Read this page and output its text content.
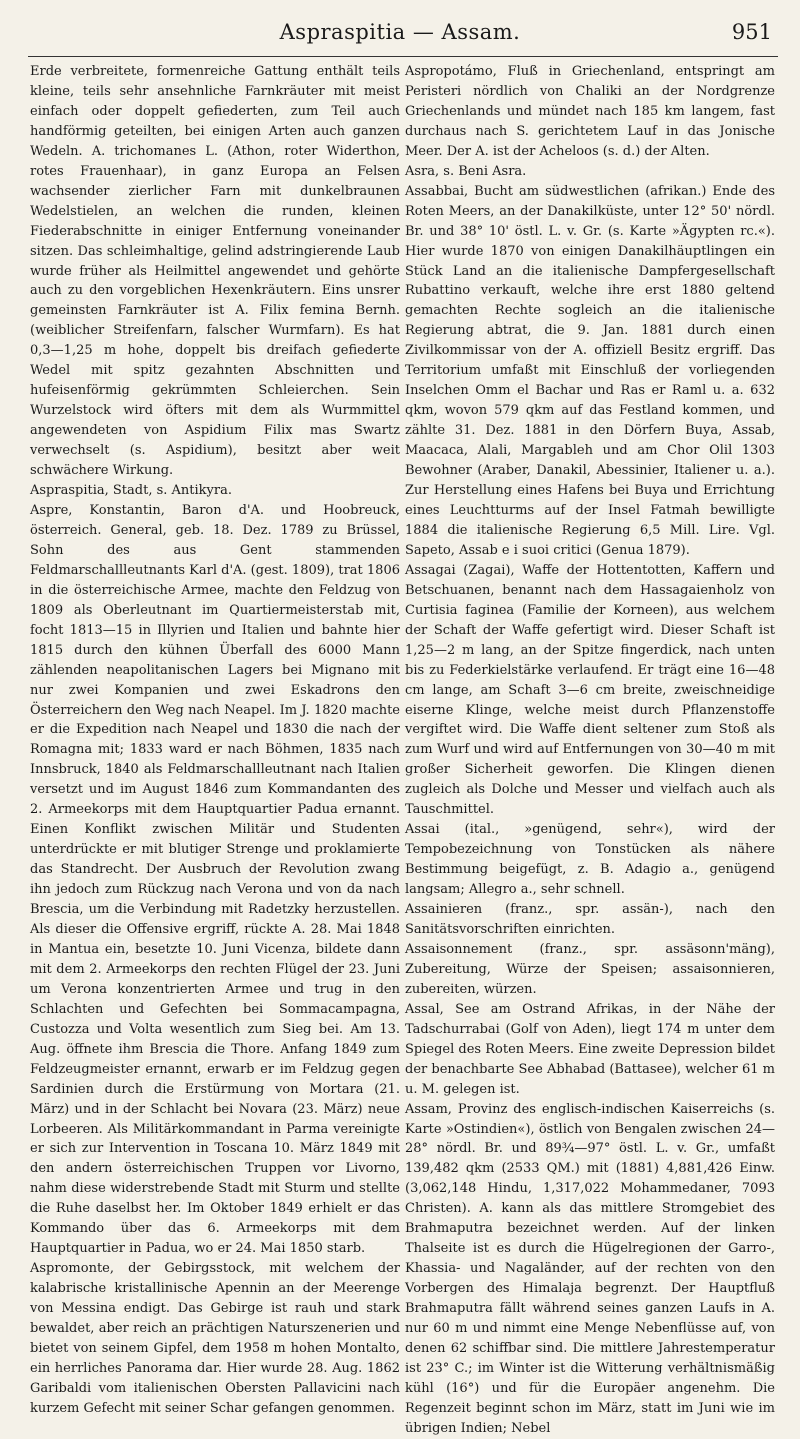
Aspraspitia — Assam.	951

Erde verbreitete, formenreiche Gattung enthält teils kleine, teils sehr ansehnliche Farnkräuter mit meist einfach oder doppelt gefiederten, zum Teil auch handförmig geteilten, bei einigen Arten auch ganzen Wedeln. A. trichomanes L. (Athon, roter Widerthon, rotes Frauenhaar), in ganz Europa an Felsen wachsender zierlicher Farn mit dunkelbraunen Wedelstielen, an welchen die runden, kleinen Fiederabschnitte in einiger Entfernung voneinander sitzen. Das schleimhaltige, gelind adstringierende Laub wurde früher als Heilmittel angewendet und gehörte auch zu den vorgeblichen Hexenkräutern. Eins unsrer gemeinsten Farnkräuter ist A. Filix femina Bernh. (weiblicher Streifenfarn, falscher Wurmfarn). Es hat 0,3—1,25 m hohe, doppelt bis dreifach gefiederte Wedel mit spitz gezahnten Abschnitten und hufeisenförmig gekrümmten Schleierchen. Sein Wurzelstock wird öfters mit dem als Wurmmittel angewendeten von Aspidium Filix mas Swartz verwechselt (s. Aspidium), besitzt aber weit schwächere Wirkung.

Aspraspitia, Stadt, s. Antikyra.

Aspre, Konstantin, Baron d'A. und Hoobreuck, österreich. General, geb. 18. Dez. 1789 zu Brüssel, Sohn des aus Gent stammenden Feldmarschallleutnants Karl d'A. (gest. 1809), trat 1806 in die österreichische Armee, machte den Feldzug von 1809 als Oberleutnant im Quartiermeisterstab mit, focht 1813—15 in Illyrien und Italien und bahnte hier 1815 durch den kühnen Überfall des 6000 Mann zählenden neapolitanischen Lagers bei Mignano mit nur zwei Kompanien und zwei Eskadrons den Österreichern den Weg nach Neapel. Im J. 1820 machte er die Expedition nach Neapel und 1830 die nach der Romagna mit; 1833 ward er nach Böhmen, 1835 nach Innsbruck, 1840 als Feldmarschallleutnant nach Italien versetzt und im August 1846 zum Kommandanten des 2. Armeekorps mit dem Hauptquartier Padua ernannt. Einen Konflikt zwischen Militär und Studenten unterdrückte er mit blutiger Strenge und proklamierte das Standrecht. Der Ausbruch der Revolution zwang ihn jedoch zum Rückzug nach Verona und von da nach Brescia, um die Verbindung mit Radetzky herzustellen. Als dieser die Offensive ergriff, rückte A. 28. Mai 1848 in Mantua ein, besetzte 10. Juni Vicenza, bildete dann mit dem 2. Armeekorps den rechten Flügel der 23. Juni um Verona konzentrierten Armee und trug in den Schlachten und Gefechten bei Sommacampagna, Custozza und Volta wesentlich zum Sieg bei. Am 13. Aug. öffnete ihm Brescia die Thore. Anfang 1849 zum Feldzeugmeister ernannt, erwarb er im Feldzug gegen Sardinien durch die Erstürmung von Mortara (21. März) und in der Schlacht bei Novara (23. März) neue Lorbeeren. Als Militärkommandant in Parma vereinigte er sich zur Intervention in Toscana 10. März 1849 mit den andern österreichischen Truppen vor Livorno, nahm diese widerstrebende Stadt mit Sturm und stellte die Ruhe daselbst her. Im Oktober 1849 erhielt er das Kommando über das 6. Armeekorps mit dem Hauptquartier in Padua, wo er 24. Mai 1850 starb.

Aspromonte, der Gebirgsstock, mit welchem der kalabrische kristallinische Apennin an der Meerenge von Messina endigt. Das Gebirge ist rauh und stark bewaldet, aber reich an prächtigen Naturszenerien und bietet von seinem Gipfel, dem 1958 m hohen Montalto, ein herrliches Panorama dar. Hier wurde 28. Aug. 1862 Garibaldi vom italienischen Obersten Pallavicini nach kurzem Gefecht mit seiner Schar gefangen genommen.

Aspropotámo, Fluß in Griechenland, entspringt am Peristeri nördlich von Chaliki an der Nordgrenze Griechenlands und mündet nach 185 km langem, fast durchaus nach S. gerichtetem Lauf in das Jonische Meer. Der A. ist der Acheloos (s. d.) der Alten.

Asra, s. Beni Asra.

Assabbai, Bucht am südwestlichen (afrikan.) Ende des Roten Meers, an der Danakilküste, unter 12° 50' nördl. Br. und 38° 10' östl. L. v. Gr. (s. Karte »Ägypten rc.«). Hier wurde 1870 von einigen Danakilhäuptlingen ein Stück Land an die italienische Dampfergesellschaft Rubattino verkauft, welche ihre erst 1880 geltend gemachten Rechte sogleich an die italienische Regierung abtrat, die 9. Jan. 1881 durch einen Zivilkommissar von der A. offiziell Besitz ergriff. Das Territorium umfaßt mit Einschluß der vorliegenden Inselchen Omm el Bachar und Ras er Raml u. a. 632 qkm, wovon 579 qkm auf das Festland kommen, und zählte 31. Dez. 1881 in den Dörfern Buya, Assab, Maacaca, Alali, Margableh und am Chor Olil 1303 Bewohner (Araber, Danakil, Abessinier, Italiener u. a.). Zur Herstellung eines Hafens bei Buya und Errichtung eines Leuchtturms auf der Insel Fatmah bewilligte 1884 die italienische Regierung 6,5 Mill. Lire. Vgl. Sapeto, Assab e i suoi critici (Genua 1879).

Assagai (Zagai), Waffe der Hottentotten, Kaffern und Betschuanen, benannt nach dem Hassagaienholz von Curtisia faginea (Familie der Korneen), aus welchem der Schaft der Waffe gefertigt wird. Dieser Schaft ist 1,25—2 m lang, an der Spitze fingerdick, nach unten bis zu Federkielstärke verlaufend. Er trägt eine 16—48 cm lange, am Schaft 3—6 cm breite, zweischneidige eiserne Klinge, welche meist durch Pflanzenstoffe vergiftet wird. Die Waffe dient seltener zum Stoß als zum Wurf und wird auf Entfernungen von 30—40 m mit großer Sicherheit geworfen. Die Klingen dienen zugleich als Dolche und Messer und vielfach auch als Tauschmittel.

Assai (ital., »genügend, sehr«), wird der Tempobezeichnung von Tonstücken als nähere Bestimmung beigefügt, z. B. Adagio a., genügend langsam; Allegro a., sehr schnell.

Assainieren (franz., spr. assän-), nach den Sanitätsvorschriften einrichten.

Assaisonnement (franz., spr. assäsonn'mäng), Zubereitung, Würze der Speisen; assaisonnieren, zubereiten, würzen.

Assal, See am Ostrand Afrikas, in der Nähe der Tadschurrabai (Golf von Aden), liegt 174 m unter dem Spiegel des Roten Meers. Eine zweite Depression bildet der benachbarte See Abhabad (Battasee), welcher 61 m u. M. gelegen ist.

Assam, Provinz des englisch-indischen Kaiserreichs (s. Karte »Ostindien«), östlich von Bengalen zwischen 24—28° nördl. Br. und 89¾—97° östl. L. v. Gr., umfaßt 139,482 qkm (2533 QM.) mit (1881) 4,881,426 Einw. (3,062,148 Hindu, 1,317,022 Mohammedaner, 7093 Christen). A. kann als das mittlere Stromgebiet des Brahmaputra bezeichnet werden. Auf der linken Thalseite ist es durch die Hügelregionen der Garro-, Khassia- und Nagaländer, auf der rechten von den Vorbergen des Himalaja begrenzt. Der Hauptfluß Brahmaputra fällt während seines ganzen Laufs in A. nur 60 m und nimmt eine Menge Nebenflüsse auf, von denen 62 schiffbar sind. Die mittlere Jahrestemperatur ist 23° C.; im Winter ist die Witterung verhältnismäßig kühl (16°) und für die Europäer angenehm. Die Regenzeit beginnt schon im März, statt im Juni wie im übrigen Indien; Nebel
